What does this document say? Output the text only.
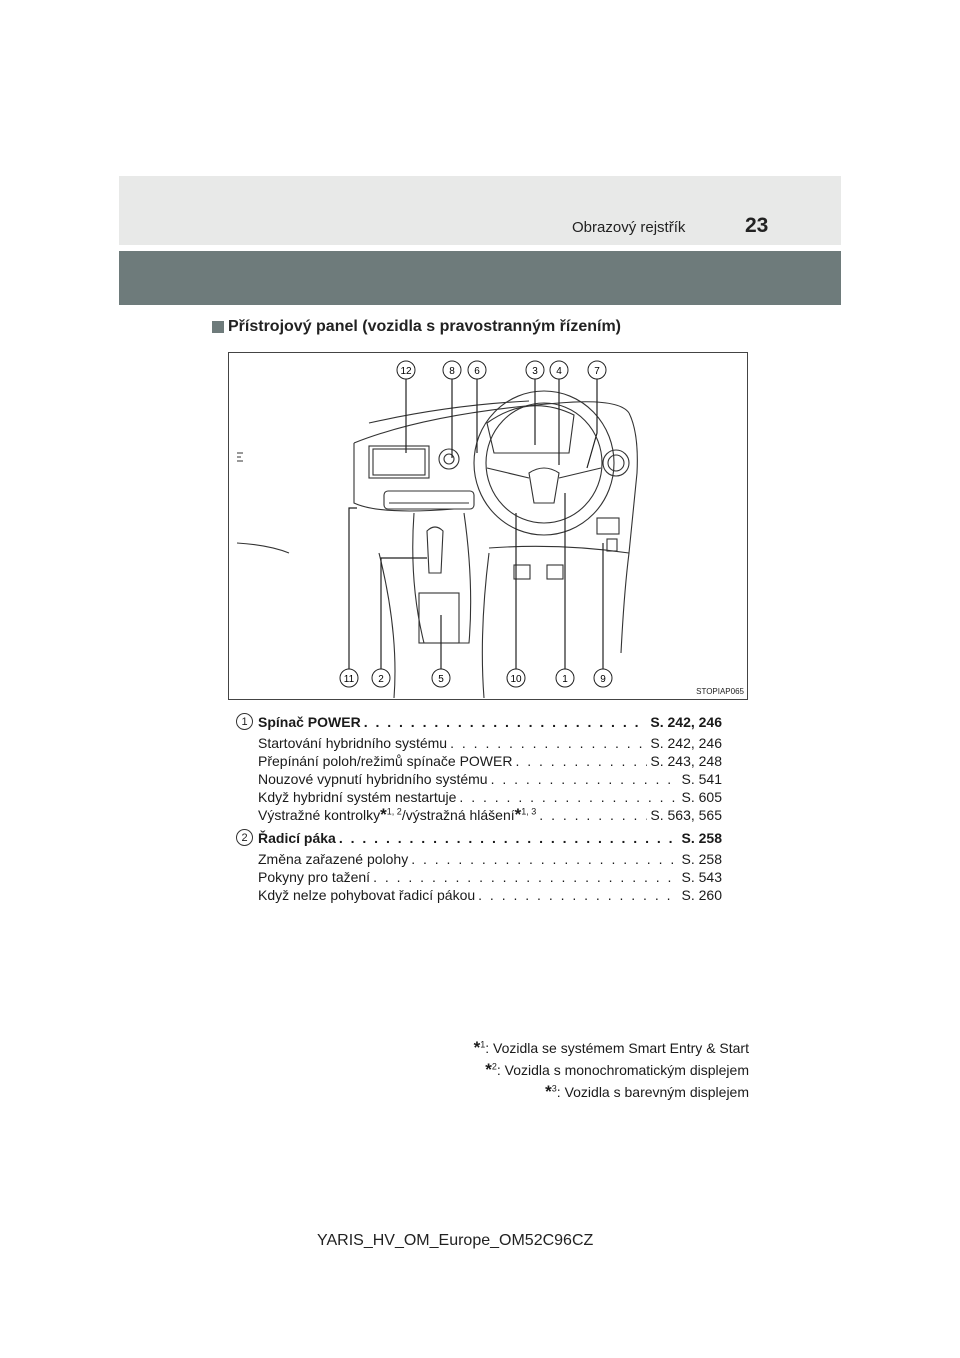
Obrazový rejstřík	23
Přístrojový panel (vozidla s pravostranným řízením)
12	8 6	3 4	7
11 2	5	10	1	9
STOPIAP065
1 Spínač POWER . . .	S. 242, 246
Startování hybridního systému . . .	S. 242, 246
Přepínání poloh/režimů spínače POWER . . .	S. 243, 248
Nouzové vypnutí hybridního systému . . .	S. 541
Když hybridní systém nestartuje . . .	S. 605
Výstražné kontrolky*$^{1, 2}$/výstražná hlášení*$^{1, 3}$ . . .	S. 563, 565
2 Řadicí páka . . .	S. 258
Změna zařazené polohy . . .	S. 258
Pokyny pro tažení . . .	S. 543
Když nelze pohybovat řadicí pákou . . .	S. 260
*$^1$: Vozidla se systémem Smart Entry & Start
*$^2$: Vozidla s monochromatickým displejem
*$^3$: Vozidla s barevným displejem
YARIS_HV_OM_Europe_OM52C96CZ
